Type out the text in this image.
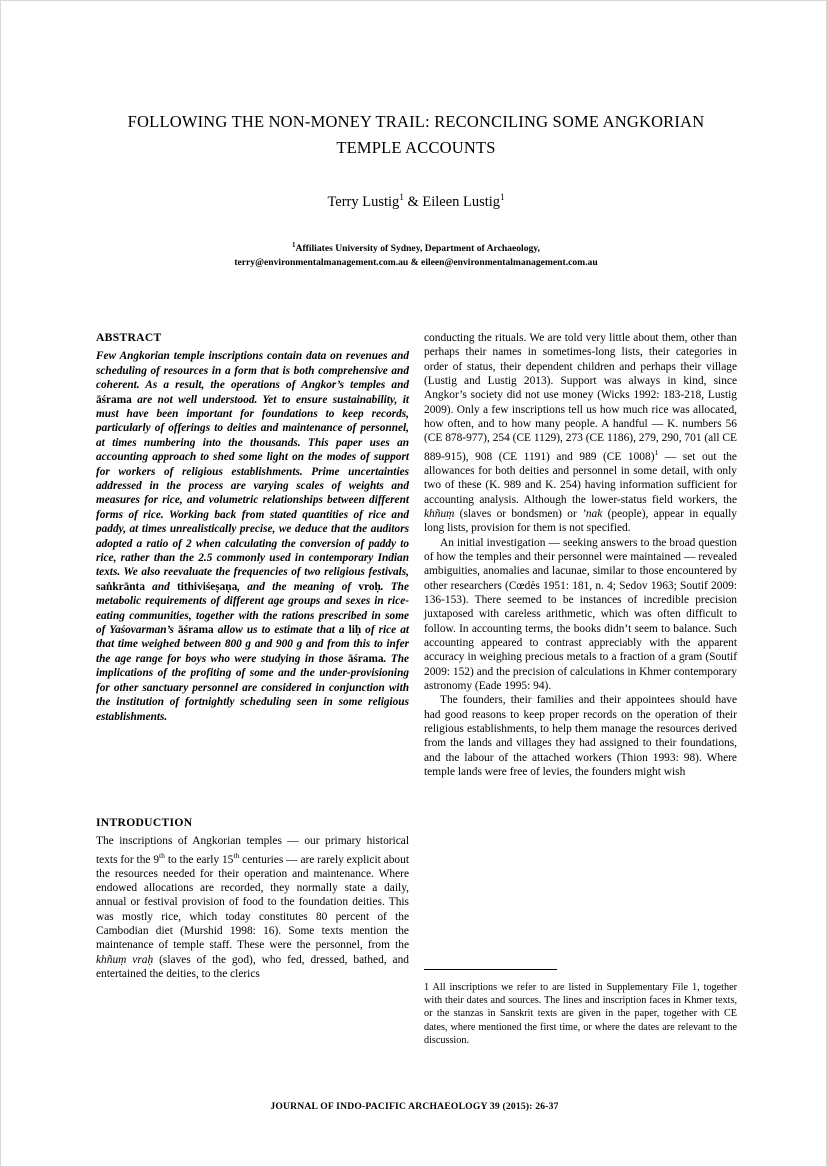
FOLLOWING THE NON-MONEY TRAIL: RECONCILING SOME ANGKORIAN TEMPLE ACCOUNTS
Terry Lustig$^1$ & Eileen Lustig$^1$
$^1$Affiliates University of Sydney, Department of Archaeology,
terry@environmentalmanagement.com.au & eileen@environmentalmanagement.com.au
ABSTRACT

Few Angkorian temple inscriptions contain data on revenues and scheduling of resources in a form that is both comprehensive and coherent. As a result, the operations of Angkor’s temples and āśrama are not well understood. Yet to ensure sustainability, it must have been important for foundations to keep records, particularly of offerings to deities and maintenance of personnel, at times numbering into the thousands. This paper uses an accounting approach to shed some light on the modes of support for workers of religious establishments. Prime uncertainties addressed in the process are varying scales of weights and measures for rice, and volumetric relationships between different forms of rice. Working back from stated quantities of rice and paddy, at times unrealistically precise, we deduce that the auditors adopted a ratio of 2 when calculating the conversion of paddy to rice, rather than the 2.5 commonly used in contemporary Indian texts. We also reevaluate the frequencies of two religious festivals, saṅkrānta and tithiviśeṣaṇa, and the meaning of vroḥ. The metabolic requirements of different age groups and sexes in rice-eating communities, together with the rations prescribed in some of Yaśovarman’s āśrama allow us to estimate that a liḥ of rice at that time weighed between 800 g and 900 g and from this to infer the age range for boys who were studying in those āśrama. The implications of the profiting of some and the under-provisioning for other sanctuary personnel are considered in conjunction with the institution of fortnightly scheduling seen in some religious establishments.

INTRODUCTION

The inscriptions of Angkorian temples — our primary historical texts for the 9th to the early 15th centuries — are rarely explicit about the resources needed for their operation and maintenance. Where endowed allocations are recorded, they normally state a daily, annual or festival provision of food to the foundation deities. This was mostly rice, which today constitutes 80 percent of the Cambodian diet (Murshid 1998: 16). Some texts mention the maintenance of temple staff. These were the personnel, from the khñuṃ vraḥ (slaves of the god), who fed, dressed, bathed, and entertained the deities, to the clerics

conducting the rituals. We are told very little about them, other than perhaps their names in sometimes-long lists, their categories in order of status, their dependent children and perhaps their village (Lustig and Lustig 2013). Support was always in kind, since Angkor’s society did not use money (Wicks 1992: 183-218, Lustig 2009). Only a few inscriptions tell us how much rice was allocated, how often, and to how many people. A handful — K. numbers 56 (CE 878-977), 254 (CE 1129), 273 (CE 1186), 279, 290, 701 (all CE 889-915), 908 (CE 1191) and 989 (CE 1008)$^1$ — set out the allowances for both deities and personnel in some detail, with only two of these (K. 989 and K. 254) having information sufficient for accounting analysis. Although the lower-status field workers, the khñuṃ (slaves or bondsmen) or ’nak (people), appear in equally long lists, provision for them is not specified.

An initial investigation — seeking answers to the broad question of how the temples and their personnel were maintained — revealed ambiguities, anomalies and lacunae, similar to those encountered by other researchers (Cœdès 1951: 181, n. 4; Sedov 1963; Soutif 2009: 136-153). There seemed to be instances of incredible precision juxtaposed with careless arithmetic, which was often difficult to follow. In accounting terms, the books didn’t seem to balance. Such accounting appeared to contrast appreciably with the apparent accuracy in weighing precious metals to a fraction of a gram (Soutif 2009: 152) and the precision of calculations in Khmer contemporary astronomy (Eade 1995: 94).

The founders, their families and their appointees should have had good reasons to keep proper records on the operation of their religious establishments, to help them manage the resources derived from the lands and villages they had assigned to their foundations, and the labour of the attached workers (Thion 1993: 98). Where temple lands were free of levies, the founders might wish

1 All inscriptions we refer to are listed in Supplementary File 1, together with their dates and sources. The lines and inscription faces in Khmer texts, or the stanzas in Sanskrit texts are given in the paper, together with CE dates, where mentioned the first time, or where the dates are relevant to the discussion.

JOURNAL OF INDO-PACIFIC ARCHAEOLOGY 39 (2015): 26-37
